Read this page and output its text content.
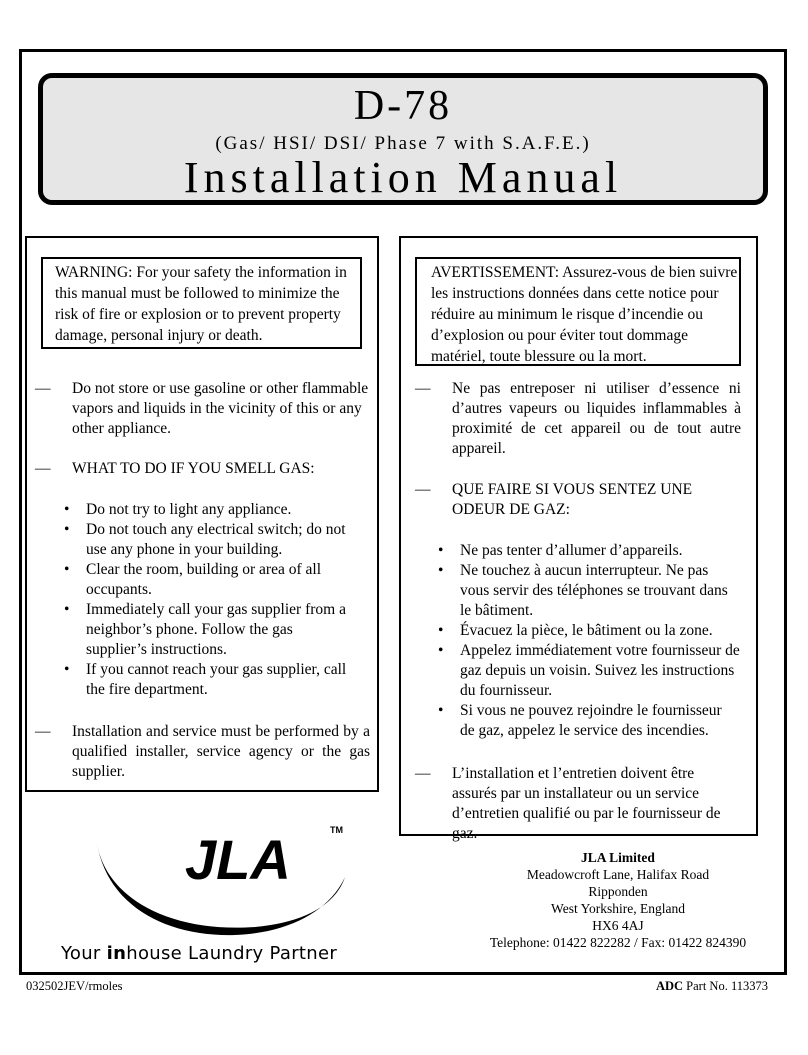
D-78
(Gas/ HSI/ DSI/ Phase 7 with S.A.F.E.)
Installation Manual
WARNING: For your safety the information in this manual must be followed to minimize the risk of fire or explosion or to prevent property damage, personal injury or death.
— Do not store or use gasoline or other flammable vapors and liquids in the vicinity of this or any other appliance.
— WHAT TO DO IF YOU SMELL GAS:
• Do not try to light any appliance.
• Do not touch any electrical switch; do not use any phone in your building.
• Clear the room, building or area of all occupants.
• Immediately call your gas supplier from a neighbor’s phone. Follow the gas supplier’s instructions.
• If you cannot reach your gas supplier, call the fire department.
— Installation and service must be performed by a qualified installer, service agency or the gas supplier.
AVERTISSEMENT: Assurez-vous de bien suivre les instructions données dans cette notice pour réduire au minimum le risque d’incendie ou d’explosion ou pour éviter tout dommage matériel, toute blessure ou la mort.
— Ne pas entreposer ni utiliser d’essence ni d’autres vapeurs ou liquides inflammables à proximité de cet appareil ou de tout autre appareil.
— QUE FAIRE SI VOUS SENTEZ UNE ODEUR DE GAZ:
• Ne pas tenter d’allumer d’appareils.
• Ne touchez à aucun interrupteur. Ne pas vous servir des téléphones se trouvant dans le bâtiment.
• Évacuez la pièce, le bâtiment ou la zone.
• Appelez immédiatement votre fournisseur de gaz depuis un voisin. Suivez les instructions du fournisseur.
• Si vous ne pouvez rejoindre le fournisseur de gaz, appelez le service des incendies.
— L’installation et l’entretien doivent être assurés par un installateur ou un service d’entretien qualifié ou par le fournisseur de gaz.
JLA	TM
Your inhouse Laundry Partner
JLA Limited
Meadowcroft Lane, Halifax Road
Ripponden
West Yorkshire, England
HX6 4AJ
Telephone: 01422 822282 / Fax: 01422 824390
032502JEV/rmoles	ADC Part No. 113373
